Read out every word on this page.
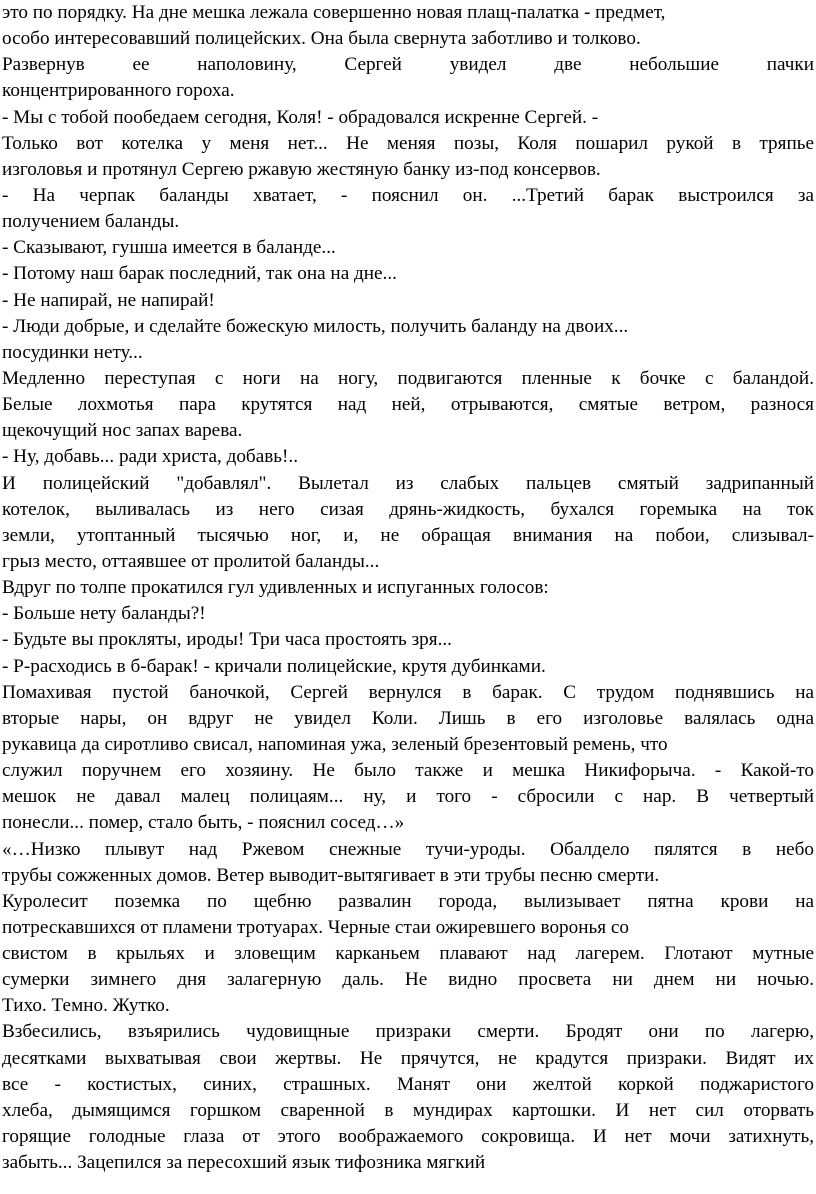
это по порядку. На дне мешка лежала совершенно новая плащ-палатка - предмет,
особо интересовавший полицейских. Она была свернута заботливо и толково.
Развернув ее наполовину, Сергей увидел две небольшие пачки
концентрированного гороха.
- Мы с тобой пообедаем сегодня, Коля! - обрадовался искренне Сергей. -
Только вот котелка у меня нет... Не меняя позы, Коля пошарил рукой в тряпье
изголовья и протянул Сергею ржавую жестяную банку из-под консервов.
- На черпак баланды хватает, - пояснил он. ...Третий барак выстроился за
получением баланды.
- Сказывают, гушша имеется в баланде...
- Потому наш барак последний, так она на дне...
- Не напирай, не напирай!
- Люди добрые, и сделайте божескую милость, получить баланду на двоих...
посудинки нету...
Медленно переступая с ноги на ногу, подвигаются пленные к бочке с баландой.
Белые лохмотья пара крутятся над ней, отрываются, смятые ветром, разнося
щекочущий нос запах варева.
- Ну, добавь... ради христа, добавь!..
И полицейский "добавлял". Вылетал из слабых пальцев смятый задрипанный
котелок, выливалась из него сизая дрянь-жидкость, бухался горемыка на ток
земли, утоптанный тысячью ног, и, не обращая внимания на побои, слизывал-
грыз место, оттаявшее от пролитой баланды...
Вдруг по толпе прокатился гул удивленных и испуганных голосов:
- Больше нету баланды?!
- Будьте вы прокляты, ироды! Три часа простоять зря...
- Р-расходись в б-барак! - кричали полицейские, крутя дубинками.
Помахивая пустой баночкой, Сергей вернулся в барак. С трудом поднявшись на
вторые нары, он вдруг не увидел Коли. Лишь в его изголовье валялась одна
рукавица да сиротливо свисал, напоминая ужа, зеленый брезентовый ремень, что
служил поручнем его хозяину. Не было также и мешка Никифорыча. - Какой-то
мешок не давал малец полицаям... ну, и того - сбросили с нар. В четвертый
понесли... помер, стало быть, - пояснил сосед…»
«…Низко плывут над Ржевом снежные тучи-уроды. Обалдело пялятся в небо
трубы сожженных домов. Ветер выводит-вытягивает в эти трубы песню смерти.
Куролесит поземка по щебню развалин города, вылизывает пятна крови на
потрескавшихся от пламени тротуарах. Черные стаи ожиревшего воронья со
свистом в крыльях и зловещим карканьем плавают над лагерем. Глотают мутные
сумерки зимнего дня залагерную даль. Не видно просвета ни днем ни ночью.
Тихо. Темно. Жутко.
Взбесились, взъярились чудовищные призраки смерти. Бродят они по лагерю,
десятками выхватывая свои жертвы. Не прячутся, не крадутся призраки. Видят их
все - костистых, синих, страшных. Манят они желтой коркой поджаристого
хлеба, дымящимся горшком сваренной в мундирах картошки. И нет сил оторвать
горящие голодные глаза от этого воображаемого сокровища. И нет мочи затихнуть,
забыть... Зацепился за пересохший язык тифозника мягкий
